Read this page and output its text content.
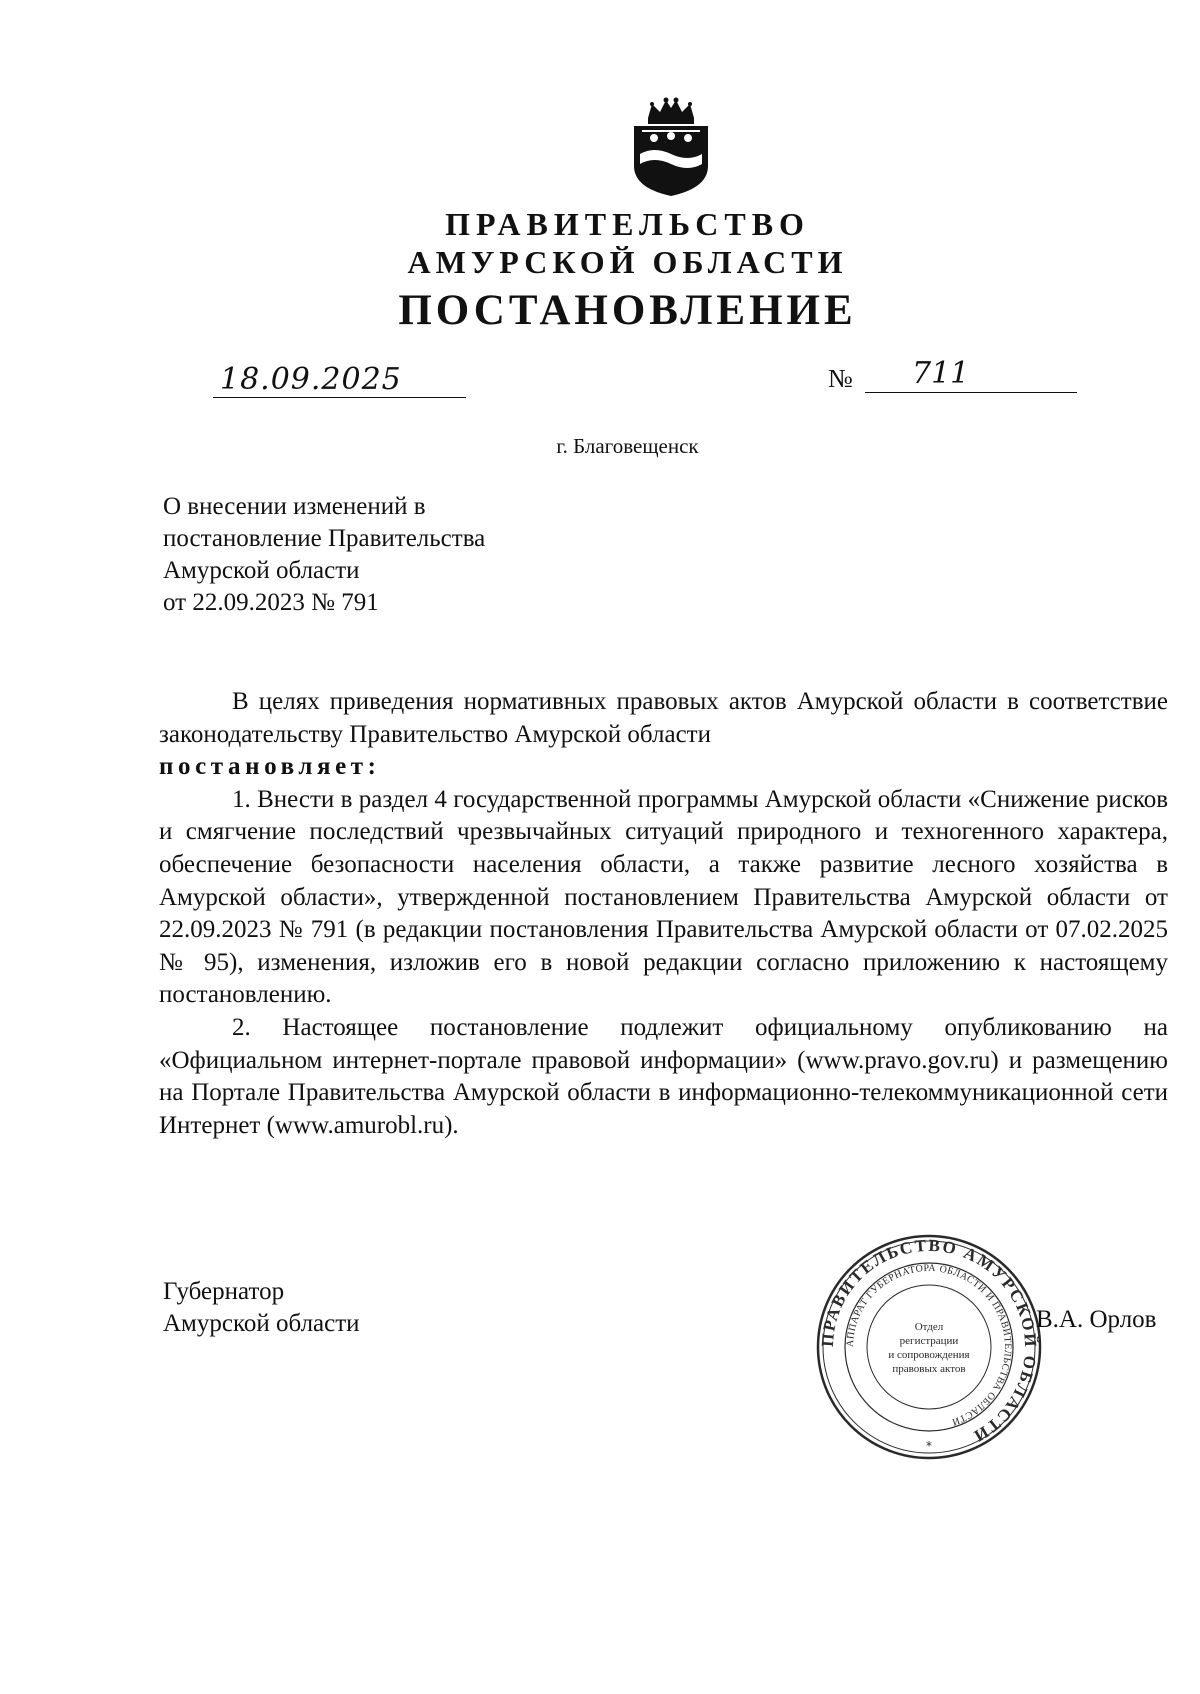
ПРАВИТЕЛЬСТВО
АМУРСКОЙ ОБЛАСТИ
ПОСТАНОВЛЕНИЕ
18.09.2025	№ 711
г. Благовещенск
О внесении изменений в
постановление Правительства
Амурской области
от 22.09.2023 № 791

В целях приведения нормативных правовых актов Амурской области в соответствие законодательству Правительство Амурской области

постановляет:

1. Внести в раздел 4 государственной программы Амурской области «Снижение рисков и смягчение последствий чрезвычайных ситуаций природного и техногенного характера, обеспечение безопасности населения области, а также развитие лесного хозяйства в Амурской области», утвержденной постановлением Правительства Амурской области от 22.09.2023 № 791 (в редакции постановления Правительства Амурской области от 07.02.2025 № 95), изменения, изложив его в новой редакции согласно приложению к настоящему постановлению.

2. Настоящее постановление подлежит официальному опубликованию на «Официальном интернет-портале правовой информации» (www.pravo.gov.ru) и размещению на Портале Правительства Амурской области в информационно-телекоммуникационной сети Интернет (www.amurobl.ru).

Губернатор
Амурской области
ПРАВИТЕЛЬСТВО АМУРСКОЙ ОБЛАСТИ
АППАРАТ ГУБЕРНАТОРА ОБЛАСТИ И ПРАВИТЕЛЬСТВА ОБЛАСТИ
Отдел
регистрации
и сопровождения
правовых актов
*
В.А. Орлов
